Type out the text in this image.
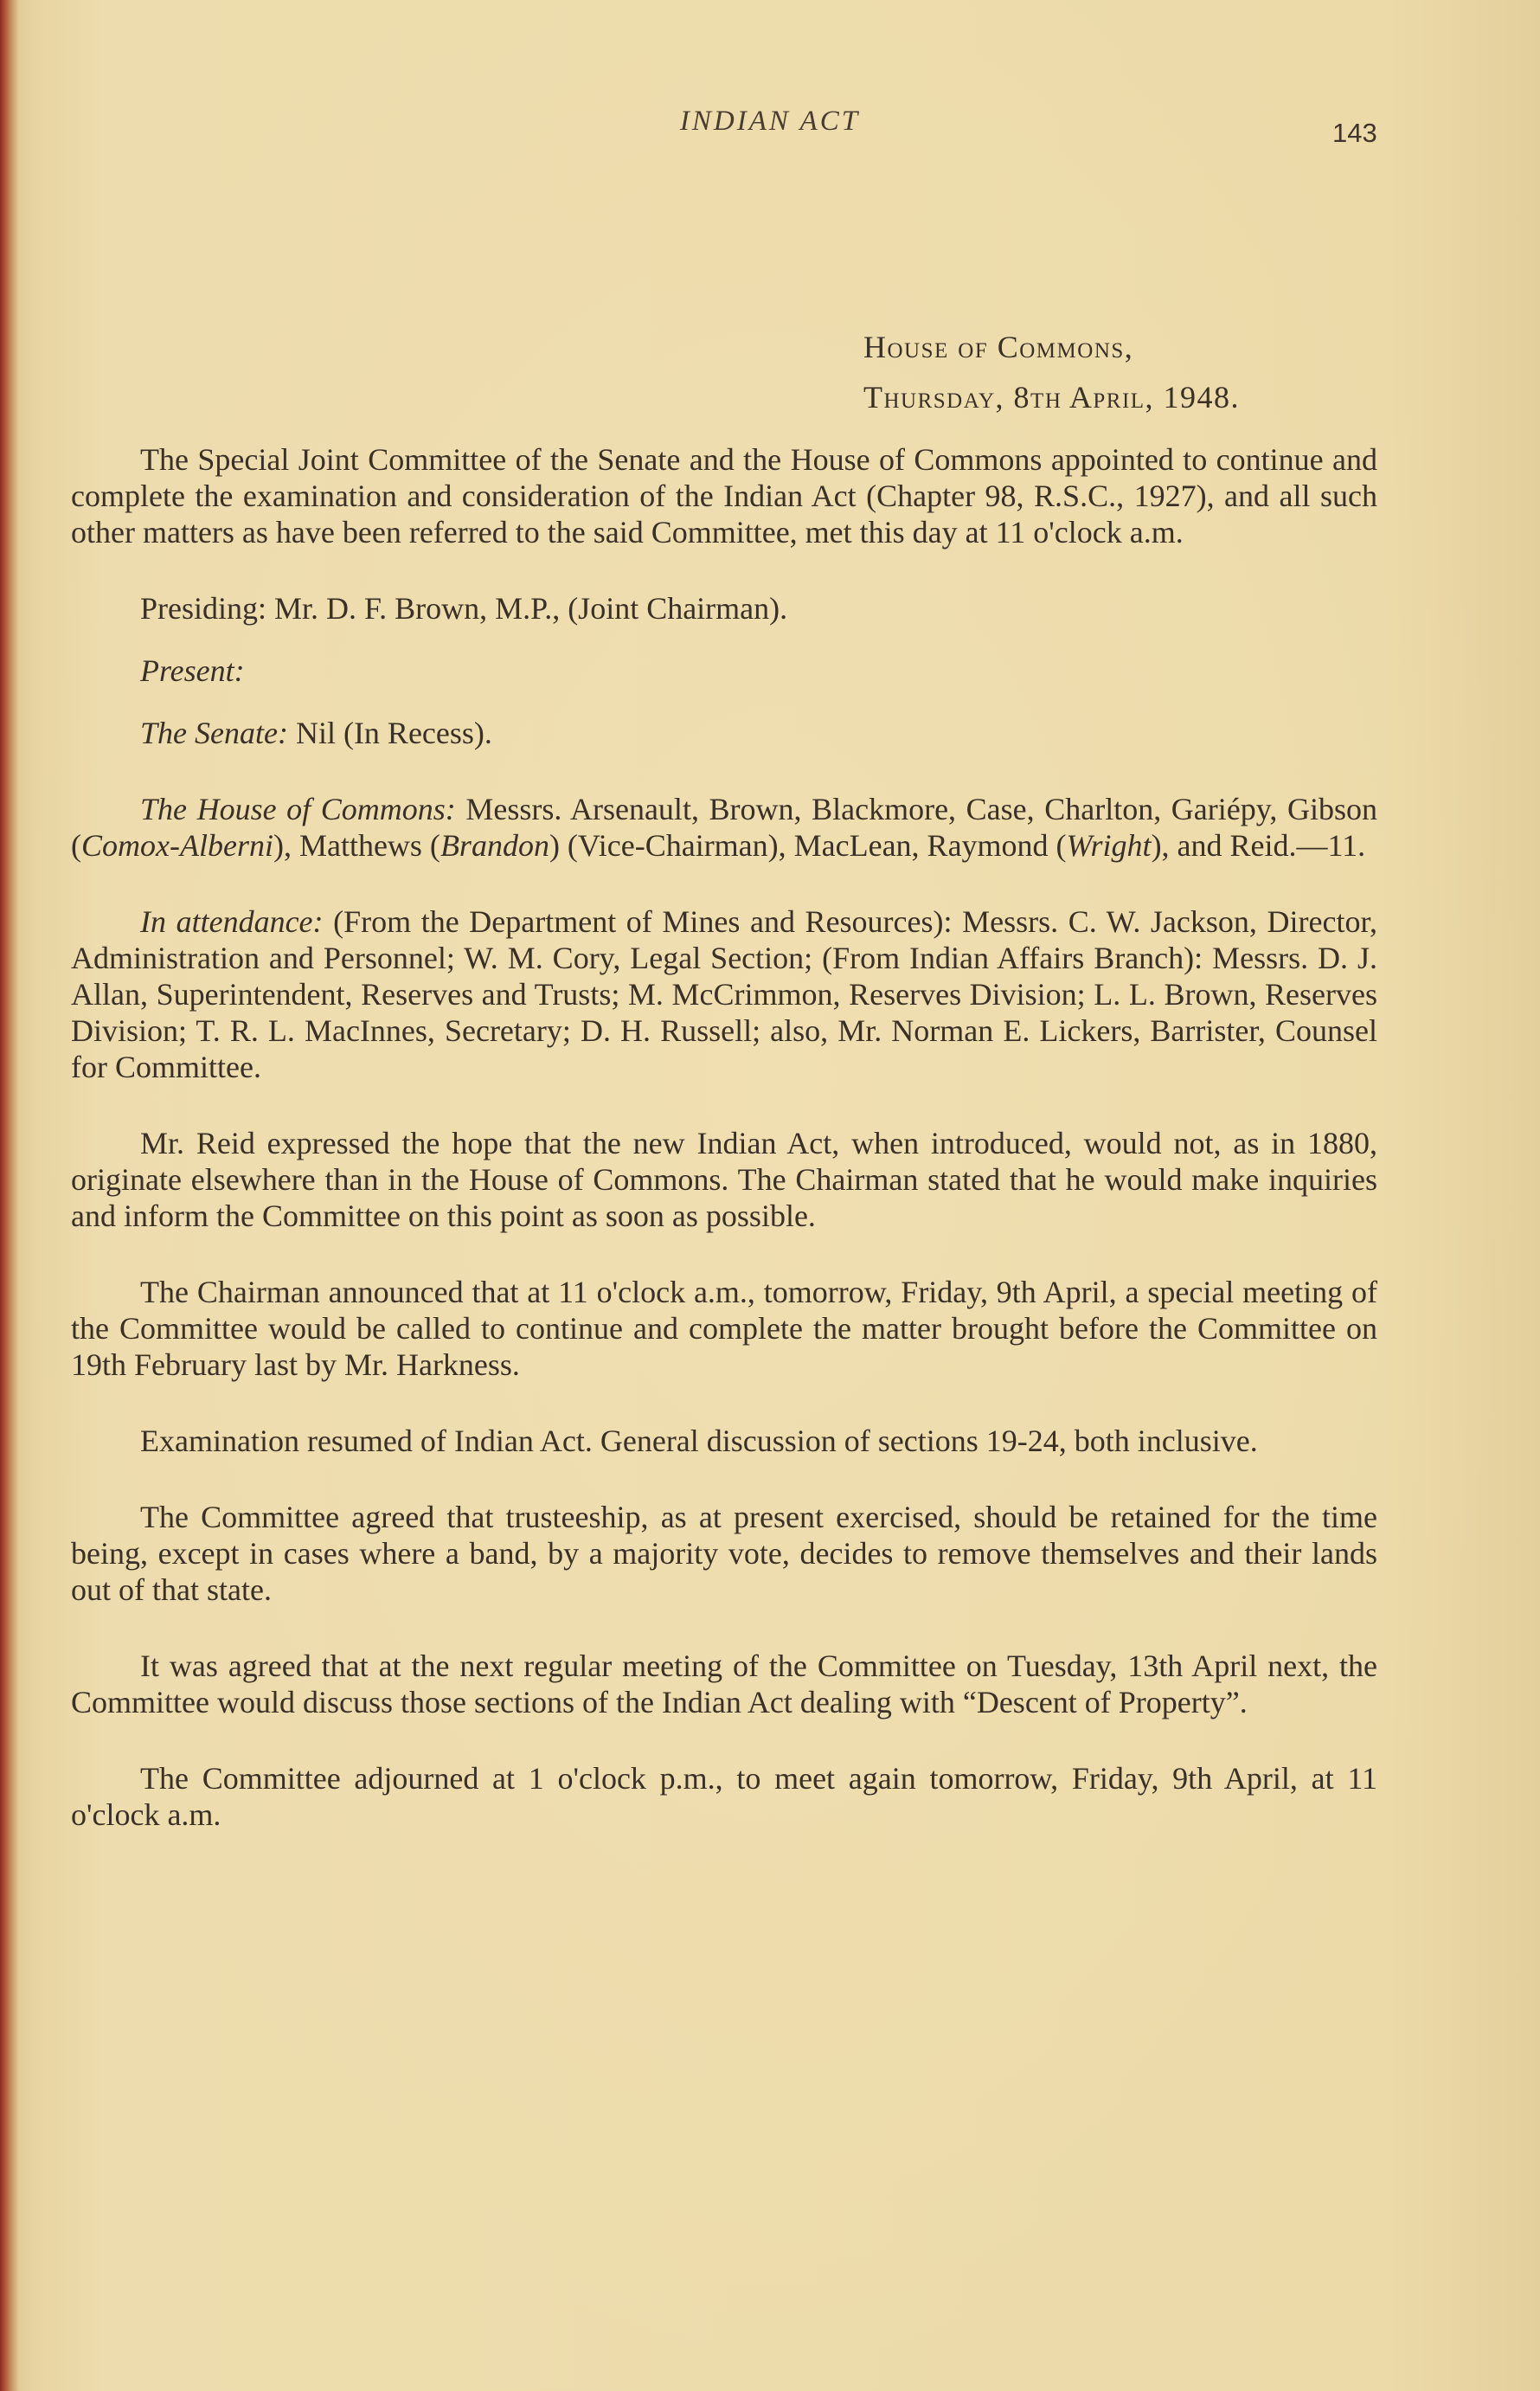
INDIAN ACT	143
House of Commons,
Thursday, 8th April, 1948.

The Special Joint Committee of the Senate and the House of Commons appointed to continue and complete the examination and consideration of the Indian Act (Chapter 98, R.S.C., 1927), and all such other matters as have been referred to the said Committee, met this day at 11 o'clock a.m.

Presiding: Mr. D. F. Brown, M.P., (Joint Chairman).

Present:

The Senate: Nil (In Recess).

The House of Commons: Messrs. Arsenault, Brown, Blackmore, Case, Charlton, Gariépy, Gibson (Comox-Alberni), Matthews (Brandon) (Vice-Chairman), MacLean, Raymond (Wright), and Reid.—11.

In attendance: (From the Department of Mines and Resources): Messrs. C. W. Jackson, Director, Administration and Personnel; W. M. Cory, Legal Section; (From Indian Affairs Branch): Messrs. D. J. Allan, Superintendent, Reserves and Trusts; M. McCrimmon, Reserves Division; L. L. Brown, Reserves Division; T. R. L. MacInnes, Secretary; D. H. Russell; also, Mr. Norman E. Lickers, Barrister, Counsel for Committee.

Mr. Reid expressed the hope that the new Indian Act, when introduced, would not, as in 1880, originate elsewhere than in the House of Commons. The Chairman stated that he would make inquiries and inform the Committee on this point as soon as possible.

The Chairman announced that at 11 o'clock a.m., tomorrow, Friday, 9th April, a special meeting of the Committee would be called to continue and complete the matter brought before the Committee on 19th February last by Mr. Harkness.

Examination resumed of Indian Act. General discussion of sections 19-24, both inclusive.

The Committee agreed that trusteeship, as at present exercised, should be retained for the time being, except in cases where a band, by a majority vote, decides to remove themselves and their lands out of that state.

It was agreed that at the next regular meeting of the Committee on Tuesday, 13th April next, the Committee would discuss those sections of the Indian Act dealing with “Descent of Property”.

The Committee adjourned at 1 o'clock p.m., to meet again tomorrow, Friday, 9th April, at 11 o'clock a.m.
